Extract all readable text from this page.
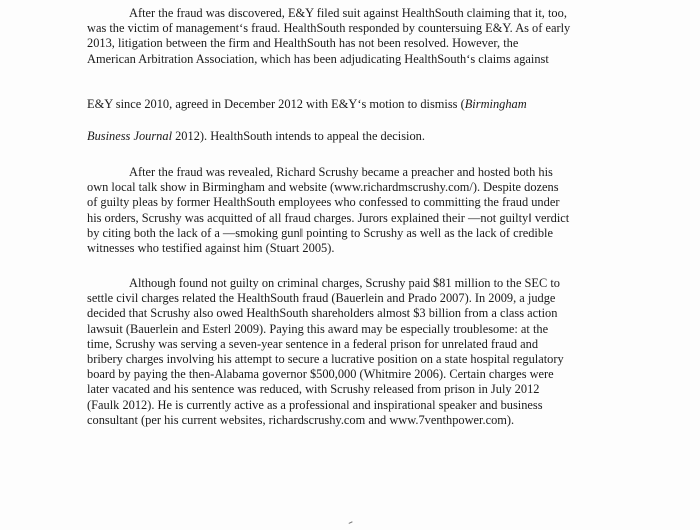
After the fraud was discovered, E&Y filed suit against HealthSouth claiming that it, too,
was the victim of management‘s fraud. HealthSouth responded by countersuing E&Y. As of early
2013, litigation between the firm and HealthSouth has not been resolved. However, the
American Arbitration Association, which has been adjudicating HealthSouth‘s claims against
E&Y since 2010, agreed in December 2012 with E&Y‘s motion to dismiss (Birmingham
Business Journal 2012). HealthSouth intends to appeal the decision.
After the fraud was revealed, Richard Scrushy became a preacher and hosted both his
own local talk show in Birmingham and website (www.richardmscrushy.com/). Despite dozens
of guilty pleas by former HealthSouth employees who confessed to committing the fraud under
his orders, Scrushy was acquitted of all fraud charges. Jurors explained their ―not guilty‖ verdict
by citing both the lack of a ―smoking gun‖ pointing to Scrushy as well as the lack of credible
witnesses who testified against him (Stuart 2005).
Although found not guilty on criminal charges, Scrushy paid $81 million to the SEC to
settle civil charges related the HealthSouth fraud (Bauerlein and Prado 2007). In 2009, a judge
decided that Scrushy also owed HealthSouth shareholders almost $3 billion from a class action
lawsuit (Bauerlein and Esterl 2009). Paying this award may be especially troublesome: at the
time, Scrushy was serving a seven-year sentence in a federal prison for unrelated fraud and
bribery charges involving his attempt to secure a lucrative position on a state hospital regulatory
board by paying the then-Alabama governor $500,000 (Whitmire 2006). Certain charges were
later vacated and his sentence was reduced, with Scrushy released from prison in July 2012
(Faulk 2012). He is currently active as a professional and inspirational speaker and business
consultant (per his current websites, richardscrushy.com and www.7venthpower.com).
